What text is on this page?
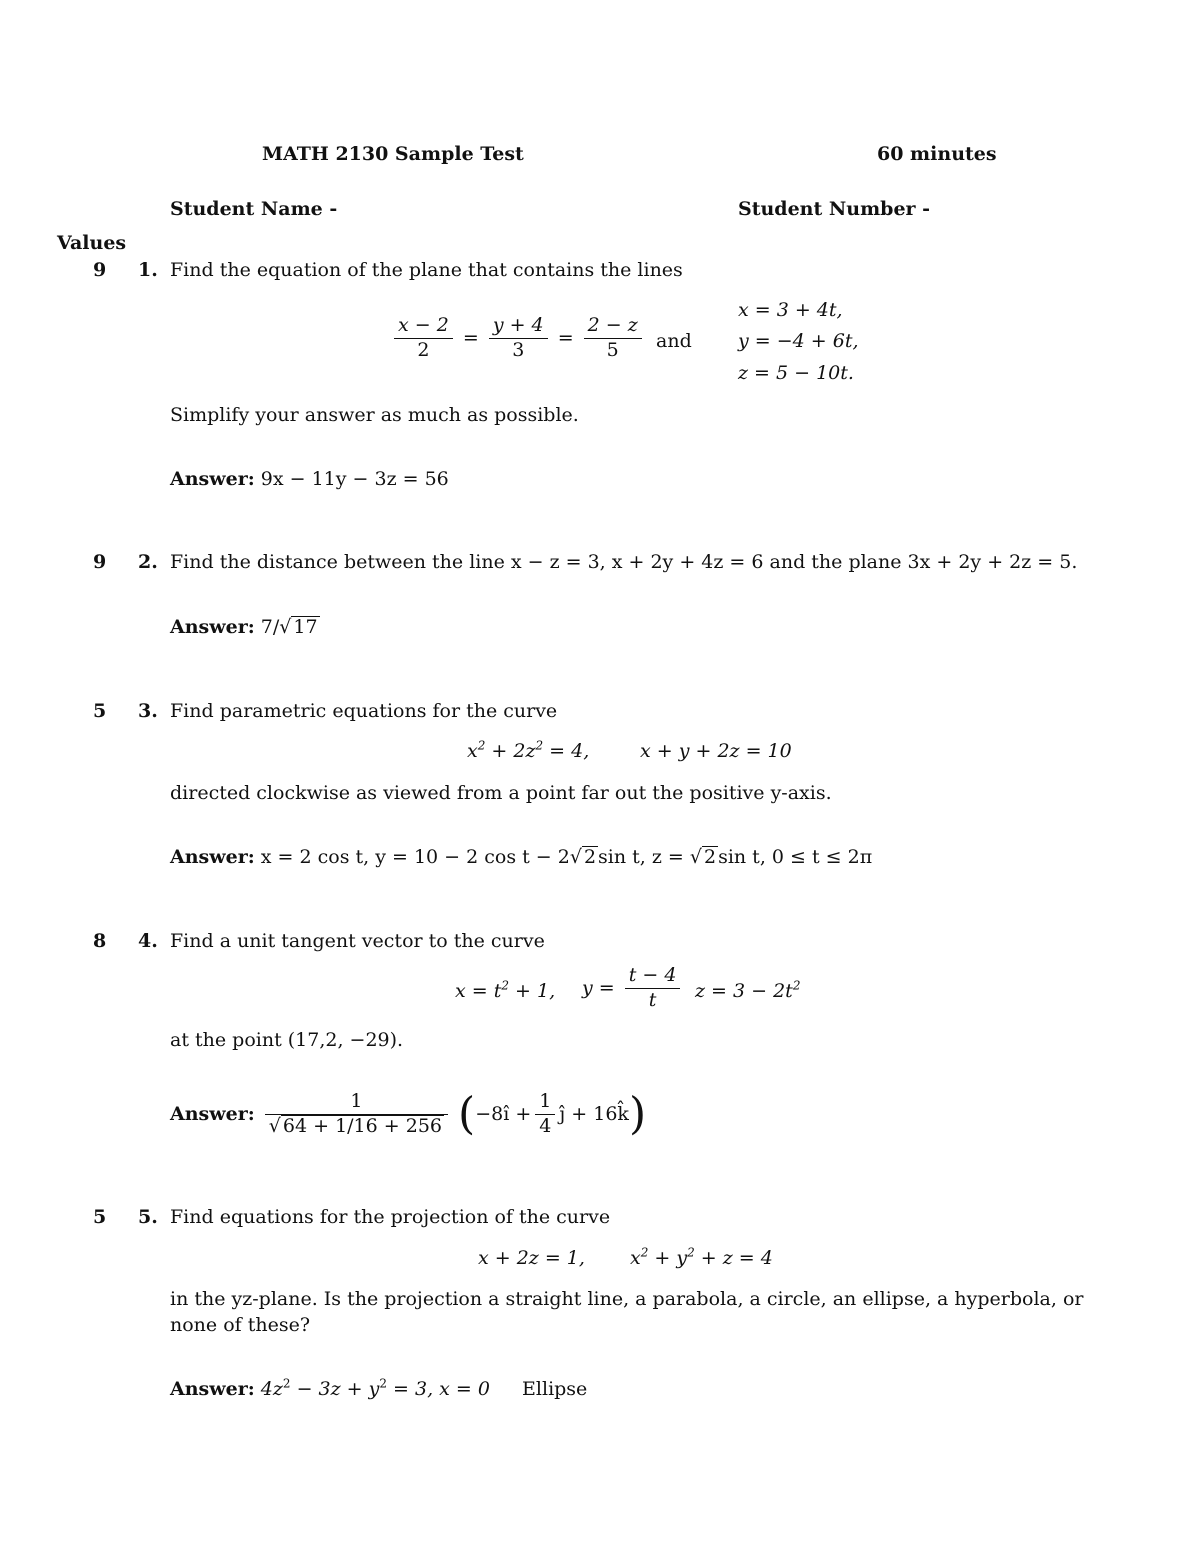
MATH 2130 Sample Test	60 minutes
Student Name -	Student Number -
Values
9 1. Find the equation of the plane that contains the lines
$\frac{x - 2}{2} = \frac{y + 4}{3} = \frac{2 - z}{5}$ and
x = 3 + 4t,
y = −4 + 6t,
z = 5 − 10t.
Simplify your answer as much as possible.
Answer: 9x − 11y − 3z = 56
9 2. Find the distance between the line x − z = 3, x + 2y + 4z = 6 and the plane 3x + 2y + 2z = 5.
Answer: 7/√ 17
5 3. Find parametric equations for the curve
$x^2 + 2z^2 = 4$,	x + y + 2z = 10
directed clockwise as viewed from a point far out the positive y-axis.
Answer: x = 2 cos t, y = 10 − 2 cos t − 2√ 2 sin t, z = √ 2 sin t, 0 ≤ t ≤ 2π
8 4. Find a unit tangent vector to the curve
$x = t^2 + 1$, $y = \frac{t - 4}{t}$ $z = 3 - 2t^2$
at the point (17,2, −29).
Answer: $\frac{1}{√ 64 + 1/16 + 256}$ (−8î + $\frac{1}{4}$ ĵ + 16k̂)
5 5. Find equations for the projection of the curve
x + 2z = 1, $x^2 + y^2 + z = 4$
in the yz-plane. Is the projection a straight line, a parabola, a circle, an ellipse, a hyperbola, or
none of these?
Answer: $4z^2 - 3z + y^2 = 3$, x = 0 Ellipse
